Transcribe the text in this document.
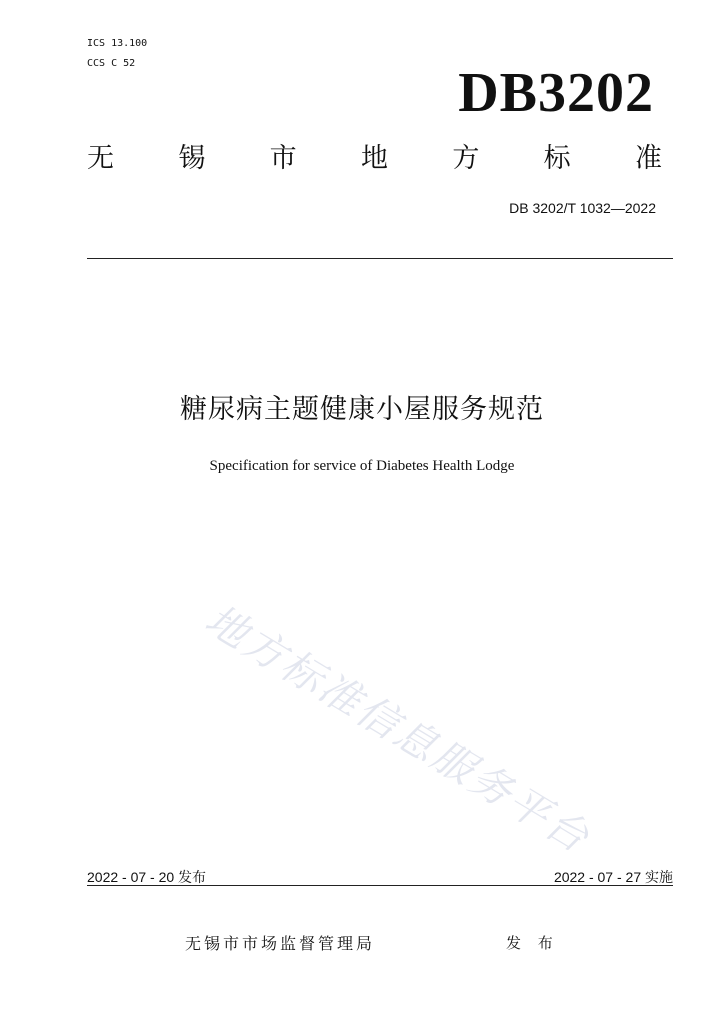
ICS 13.100
CCS C 52	DB3202
无 锡 市 地 方 标 准
DB 3202/T 1032—2022
糖尿病主题健康小屋服务规范
Specification for service of Diabetes Health Lodge
地方标准信息服务平台
2022 - 07 - 20 发布	2022 - 07 - 27 实施
无锡市市场监督管理局	发 布
